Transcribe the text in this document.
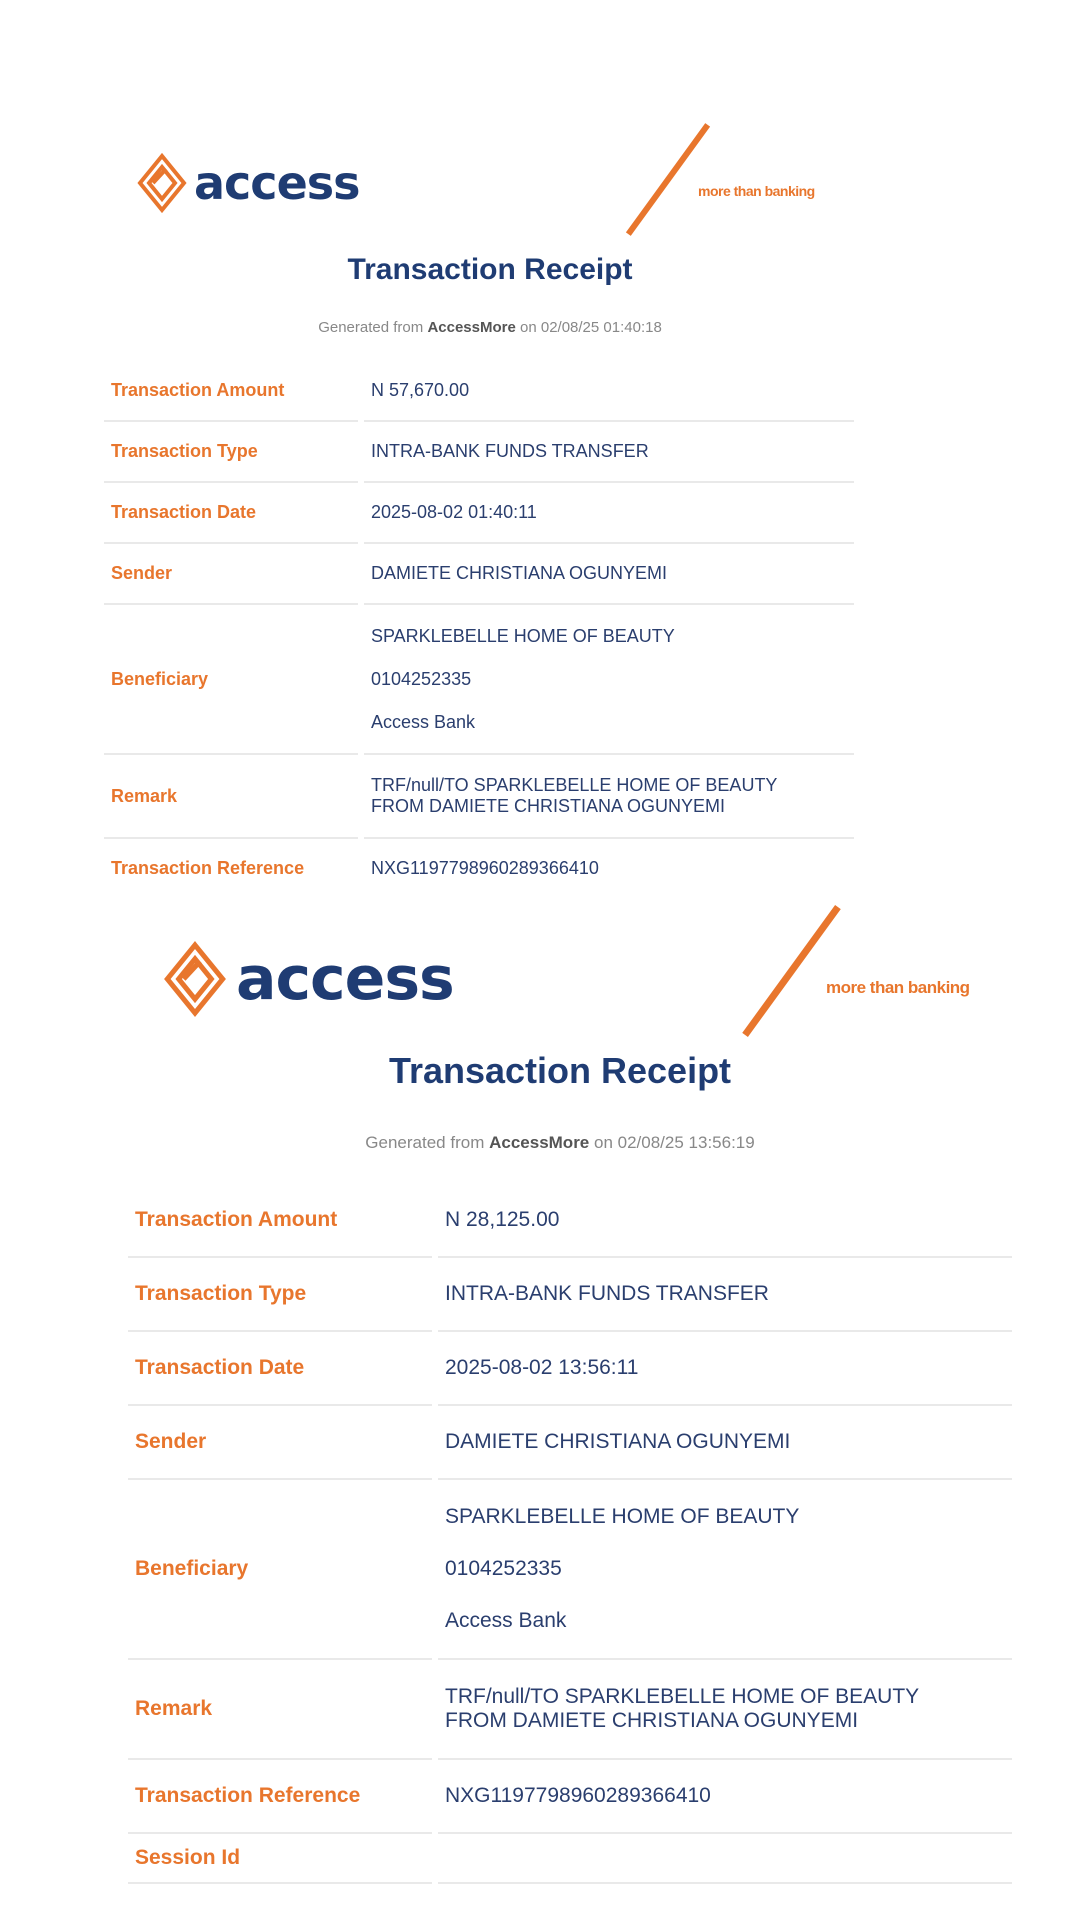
access	more than banking
Transaction Receipt
Generated from AccessMore on 02/08/25 01:40:18
Transaction Amount	N 57,670.00
Transaction Type	INTRA-BANK FUNDS TRANSFER
Transaction Date	2025-08-02 01:40:11
Sender	DAMIETE CHRISTIANA OGUNYEMI
Beneficiary	SPARKLEBELLE HOME OF BEAUTY

0104252335

Access Bank

Remark	TRF/null/TO SPARKLEBELLE HOME OF BEAUTY
FROM DAMIETE CHRISTIANA OGUNYEMI

Transaction Reference	NXG1197798960289366410
access	more than banking
Transaction Receipt
Generated from AccessMore on 02/08/25 13:56:19
Transaction Amount	N 28,125.00
Transaction Type	INTRA-BANK FUNDS TRANSFER
Transaction Date	2025-08-02 13:56:11
Sender	DAMIETE CHRISTIANA OGUNYEMI
Beneficiary	SPARKLEBELLE HOME OF BEAUTY

0104252335

Access Bank

Remark	TRF/null/TO SPARKLEBELLE HOME OF BEAUTY
FROM DAMIETE CHRISTIANA OGUNYEMI

Transaction Reference	NXG1197798960289366410
Session Id	
